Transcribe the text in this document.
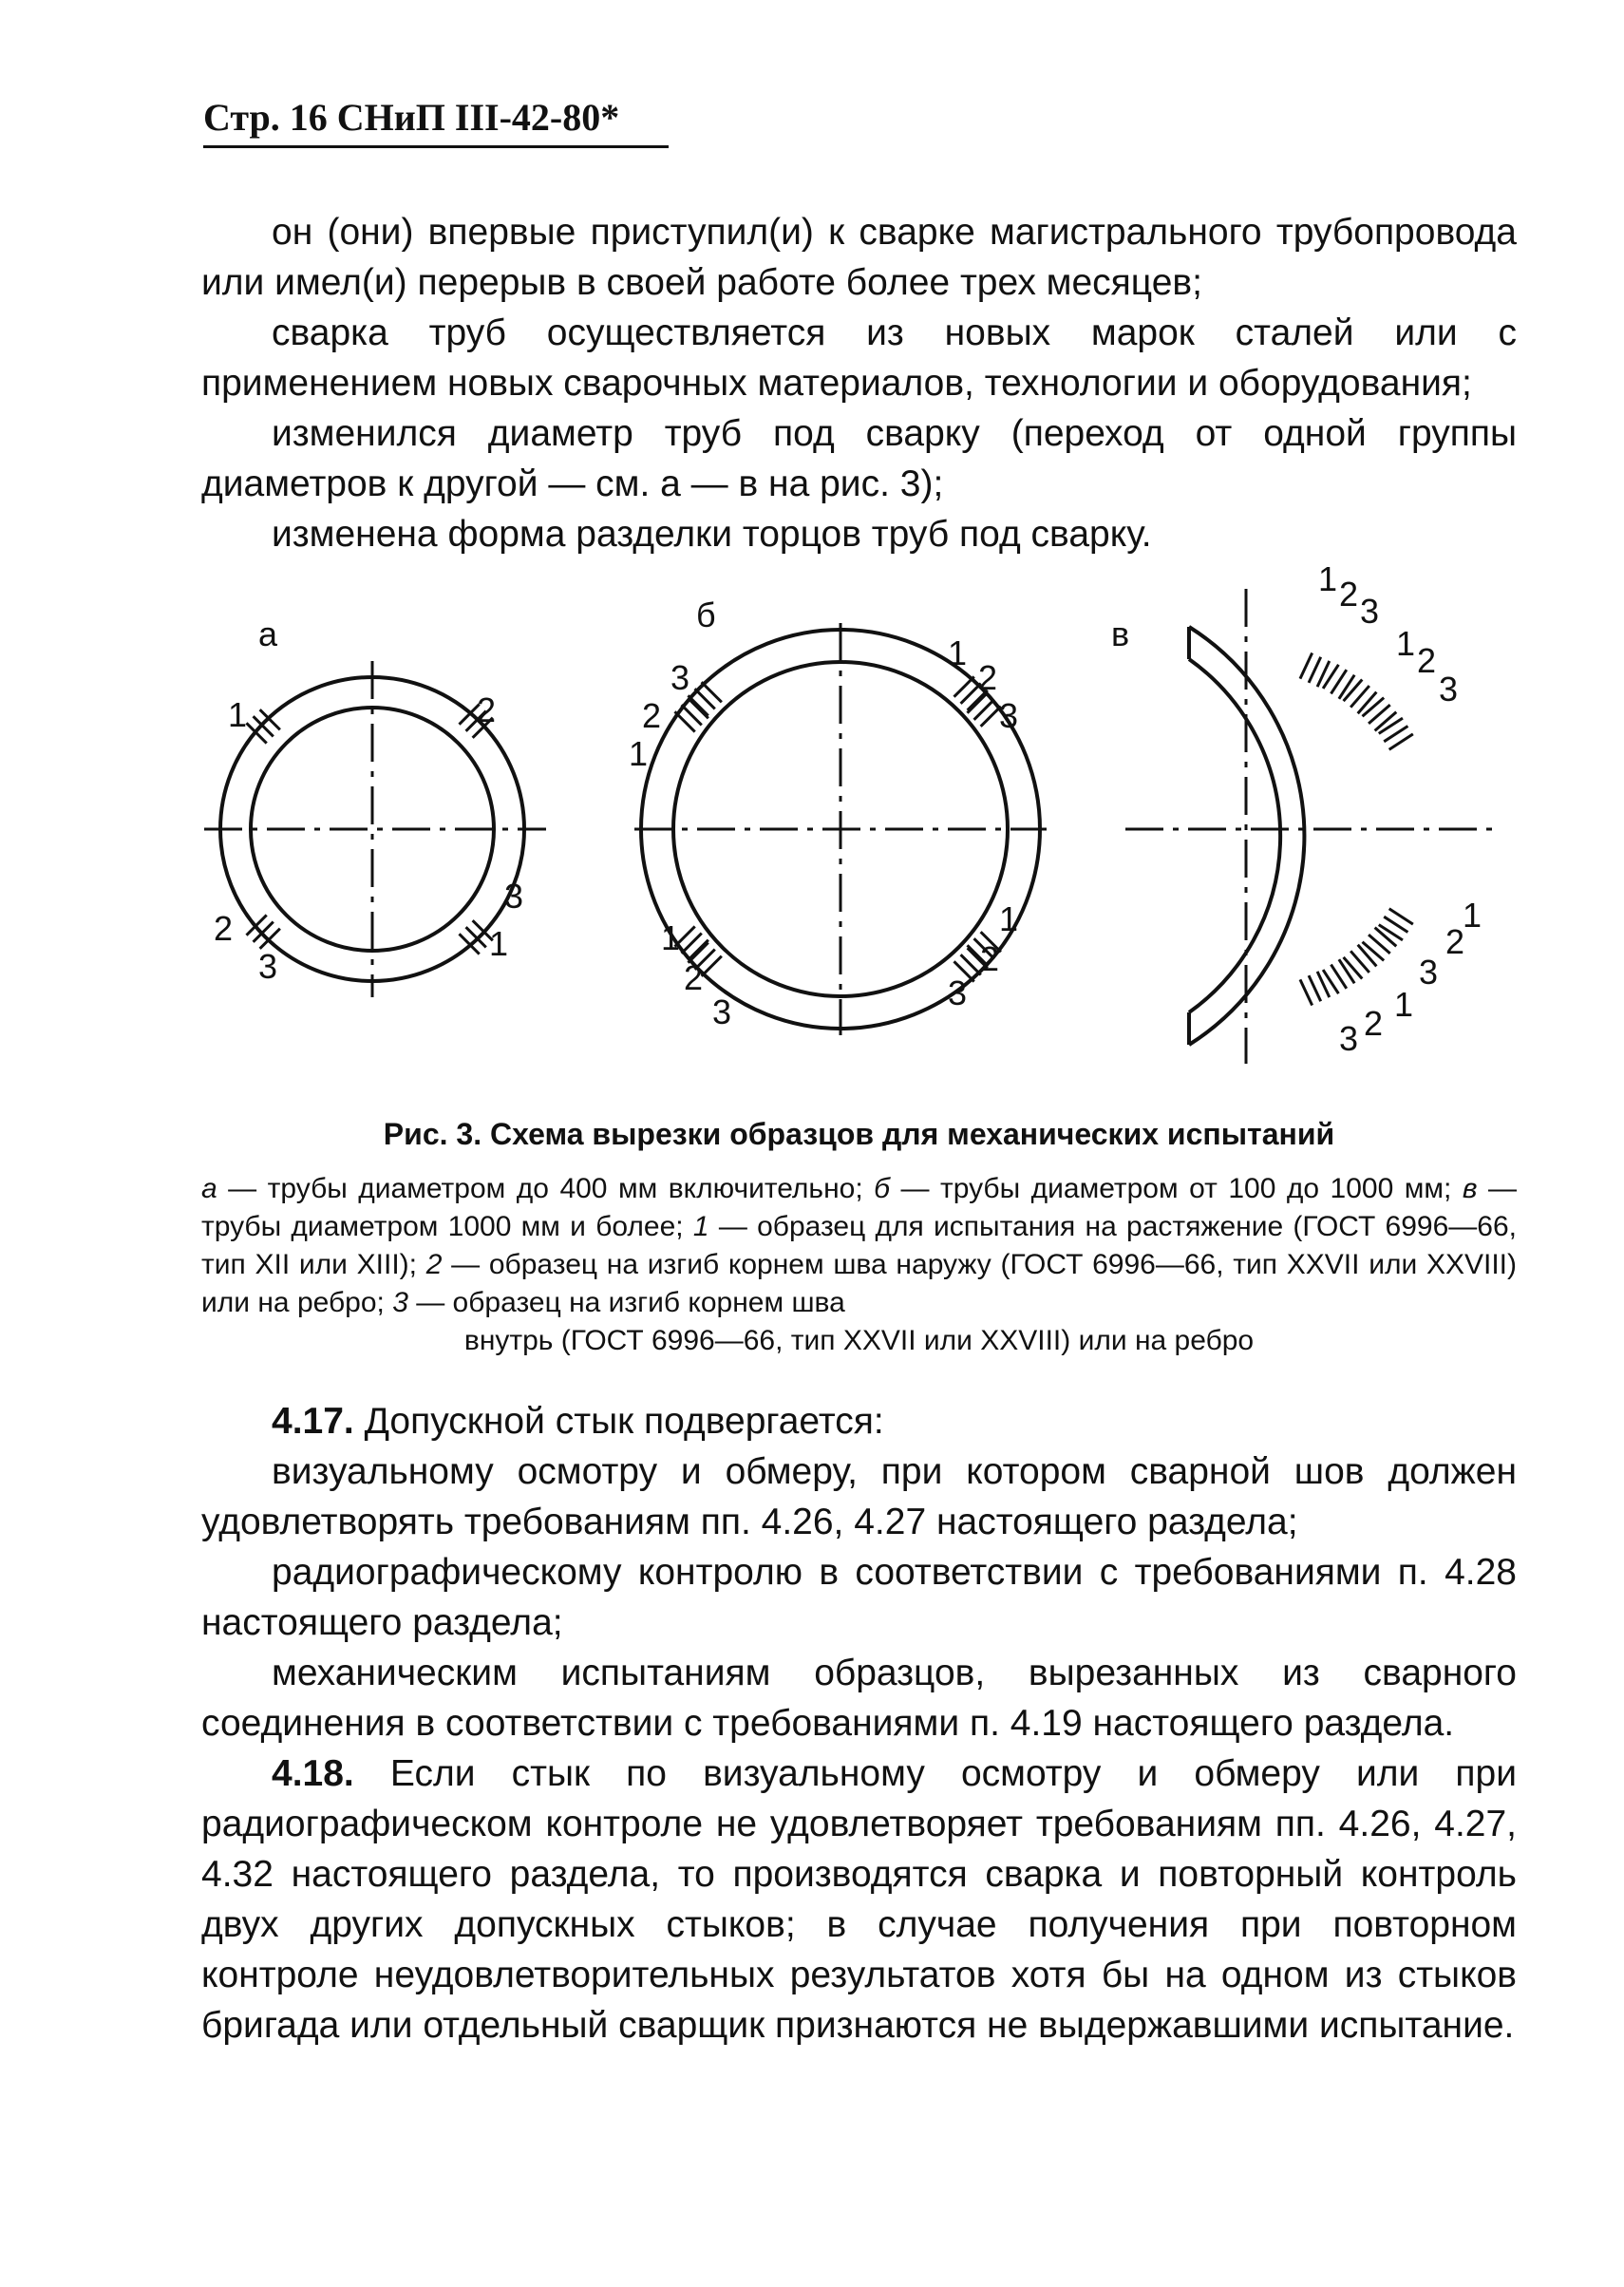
Стр. 16 СНиП III-42-80*

он (они) впервые приступил(и) к сварке магистрального трубопровода или имел(и) перерыв в своей работе более трех месяцев;

сварка труб осуществляется из новых марок сталей или с применением новых сварочных материалов, технологии и оборудования;

изменился диаметр труб под сварку (переход от одной группы диаметров к другой — см. а — в на рис. 3);

изменена форма разделки торцов труб под сварку.

а	б	в
1	2
2
3
3
1
3
2
1
1
2
3
1
2
3
1
2
3
1 2 3
1 2
3
1
2
3
1
2
3
Рис. 3. Схема вырезки образцов для механических испытаний
а — трубы диаметром до 400 мм включительно; б — трубы диаметром от 100 до 1000 мм; в — трубы диаметром 1000 мм и более; 1 — образец для испытания на растяжение (ГОСТ 6996—66, тип XII или XIII); 2 — образец на изгиб корнем шва наружу (ГОСТ 6996—66, тип XXVII или XXVIII) или на ребро; 3 — образец на изгиб корнем шва
внутрь (ГОСТ 6996—66, тип XXVII или XXVIII) или на ребро

4.17. Допускной стык подвергается:

визуальному осмотру и обмеру, при котором сварной шов должен удовлетворять требованиям пп. 4.26, 4.27 настоящего раздела;

радиографическому контролю в соответствии с требованиями п. 4.28 настоящего раздела;

механическим испытаниям образцов, вырезанных из сварного соединения в соответствии с требованиями п. 4.19 настоящего раздела.

4.18. Если стык по визуальному осмотру и обмеру или при радиографическом контроле не удовлетворяет требованиям пп. 4.26, 4.27, 4.32 настоящего раздела, то производятся сварка и повторный контроль двух других допускных стыков; в случае получения при повторном контроле неудовлетворительных результатов хотя бы на одном из стыков бригада или отдельный сварщик признаются не выдержавшими испытание.
